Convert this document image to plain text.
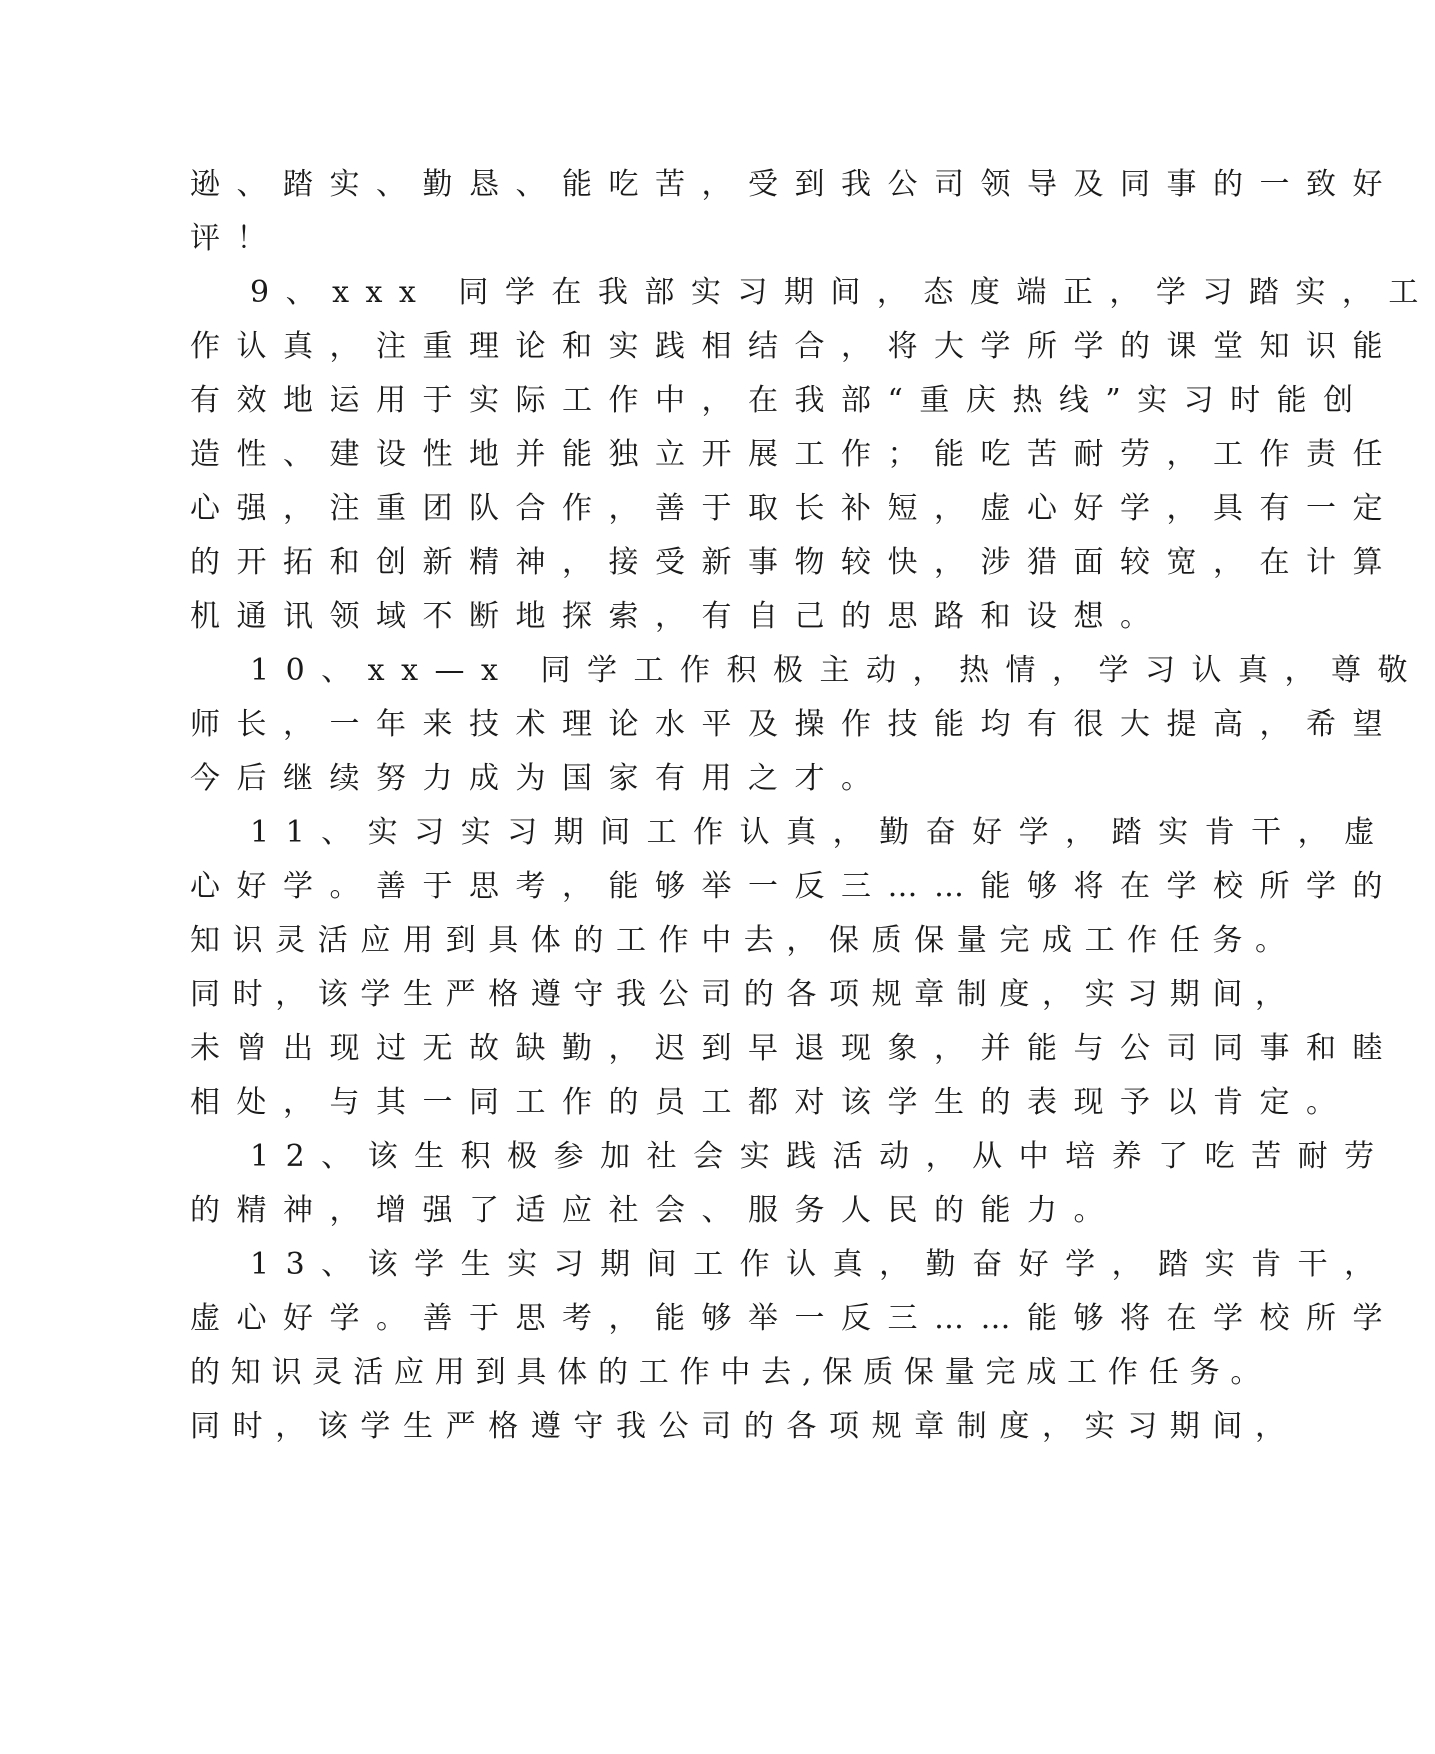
逊、踏实、勤恳、能吃苦，受到我公司领导及同事的一致好
评！
9、xxx 同学在我部实习期间，态度端正，学习踏实，工
作认真，注重理论和实践相结合，将大学所学的课堂知识能
有效地运用于实际工作中，在我部“重庆热线”实习时能创
造性、建设性地并能独立开展工作；能吃苦耐劳，工作责任
心强，注重团队合作，善于取长补短，虚心好学，具有一定
的开拓和创新精神，接受新事物较快，涉猎面较宽，在计算
机通讯领域不断地探索，有自己的思路和设想。
10、xx—x 同学工作积极主动，热情，学习认真，尊敬
师长，一年来技术理论水平及操作技能均有很大提高，希望
今后继续努力成为国家有用之才。
11、实习实习期间工作认真，勤奋好学，踏实肯干，虚
心好学。善于思考，能够举一反三……能够将在学校所学的
知识灵活应用到具体的工作中去，保质保量完成工作任务。
同时，该学生严格遵守我公司的各项规章制度，实习期间，
未曾出现过无故缺勤，迟到早退现象，并能与公司同事和睦
相处，与其一同工作的员工都对该学生的表现予以肯定。
12、该生积极参加社会实践活动，从中培养了吃苦耐劳
的精神，增强了适应社会、服务人民的能力。
13、该学生实习期间工作认真，勤奋好学，踏实肯干，
虚心好学。善于思考，能够举一反三……能够将在学校所学
的知识灵活应用到具体的工作中去,保质保量完成工作任务。
同时，该学生严格遵守我公司的各项规章制度，实习期间，
